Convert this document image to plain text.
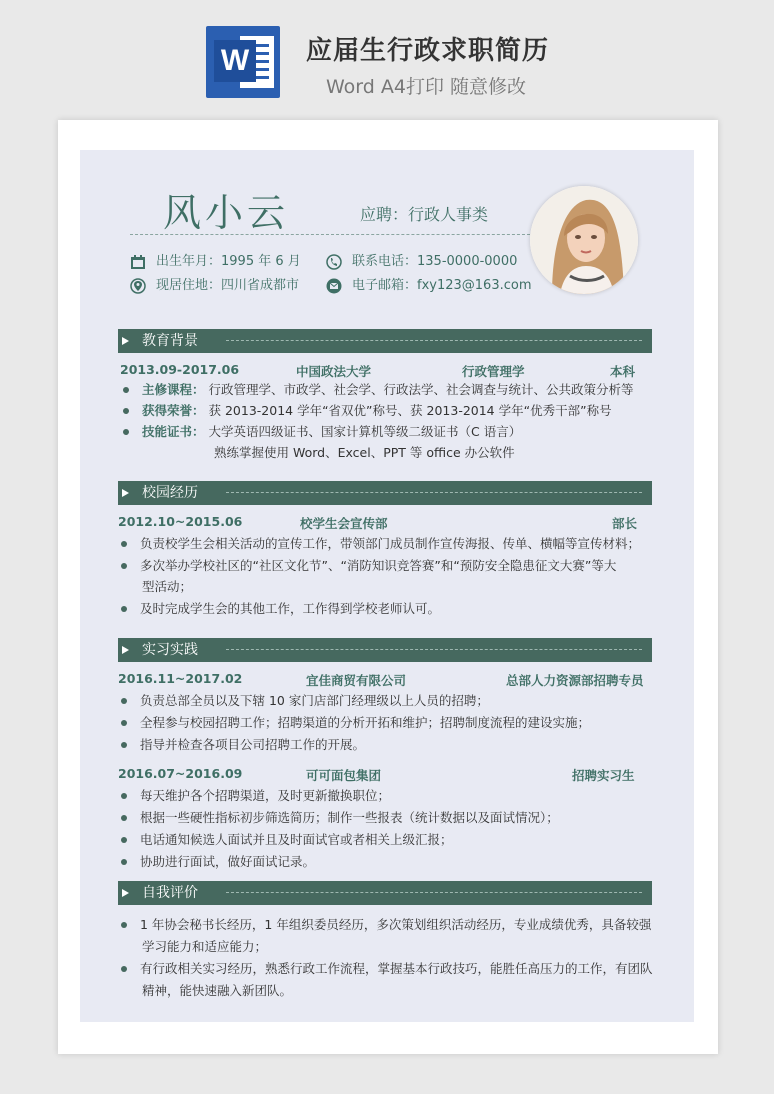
W 应届生行政求职简历
Word A4打印 随意修改
风小云	应聘：行政人事类
出生年月：1995 年 6 月	联系电话：135-0000-0000
现居住地：四川省成都市	电子邮箱：fxy123@163.com
教育背景
2013.09-2017.06	中国政法大学	行政管理学	本科
主修课程： 行政管理学、市政学、社会学、行政法学、社会调查与统计、公共政策分析等
获得荣誉： 获 2013-2014 学年“省双优”称号、获 2013-2014 学年“优秀干部”称号
技能证书： 大学英语四级证书、国家计算机等级二级证书（C 语言）
熟练掌握使用 Word、Excel、PPT 等 office 办公软件
校园经历
2012.10~2015.06	校学生会宣传部	部长
负责校学生会相关活动的宣传工作，带领部门成员制作宣传海报、传单、横幅等宣传材料；
多次举办学校社区的“社区文化节”、“消防知识竞答赛”和“预防安全隐患征文大赛”等大
型活动；
及时完成学生会的其他工作，工作得到学校老师认可。
实习实践
2016.11~2017.02	宜佳商贸有限公司	总部人力资源部招聘专员
负责总部全员以及下辖 10 家门店部门经理级以上人员的招聘；
全程参与校园招聘工作；招聘渠道的分析开拓和维护；招聘制度流程的建设实施；
指导并检查各项目公司招聘工作的开展。
2016.07~2016.09	可可面包集团	招聘实习生
每天维护各个招聘渠道，及时更新撤换职位；
根据一些硬性指标初步筛选简历；制作一些报表（统计数据以及面试情况）；
电话通知候选人面试并且及时面试官或者相关上级汇报；
协助进行面试，做好面试记录。
自我评价
1 年协会秘书长经历，1 年组织委员经历，多次策划组织活动经历，专业成绩优秀，具备较强
学习能力和适应能力；
有行政相关实习经历，熟悉行政工作流程，掌握基本行政技巧，能胜任高压力的工作，有团队
精神，能快速融入新团队。
